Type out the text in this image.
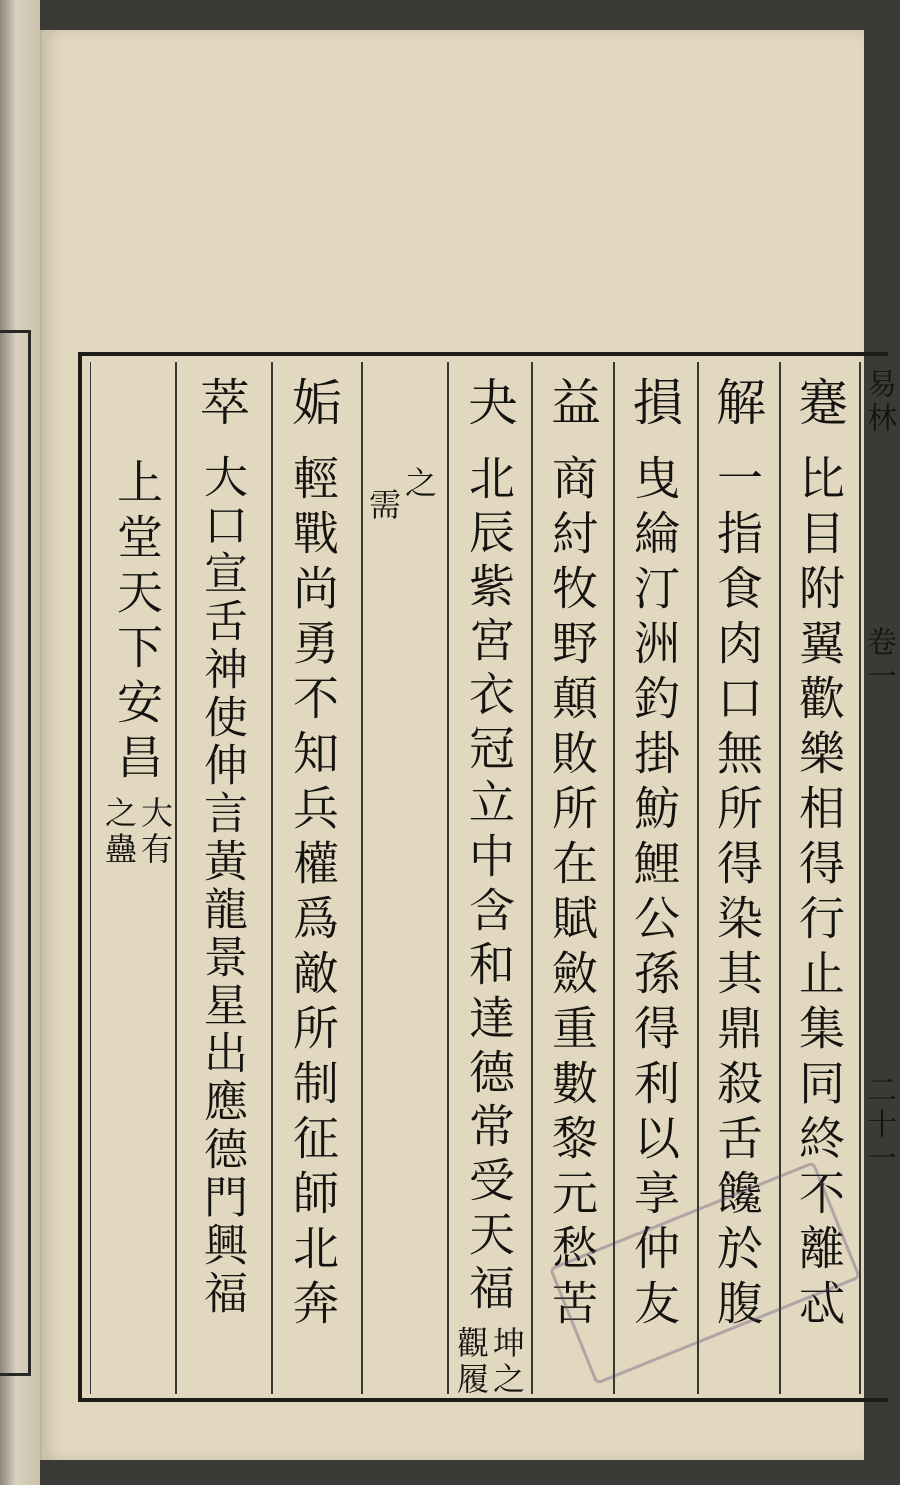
易林
卷一
二十一
蹇
比目附翼歡樂相得行止集同終不離忒
解
一指食肉口無所得染其鼎殺舌饞於腹
損
曳綸汀洲釣掛魴鯉公孫得利以享仲友
益
商紂牧野顛敗所在賦斂重數黎元愁苦
夬
北辰紫宮衣冠立中含和達德常受天福
坤之
觀履
之
需
姤
輕戰尚勇不知兵權爲敵所制征師北奔
萃
大口宣舌神使伸言黃龍景星出應德門興福
上堂天下安昌
大有
之蠱
